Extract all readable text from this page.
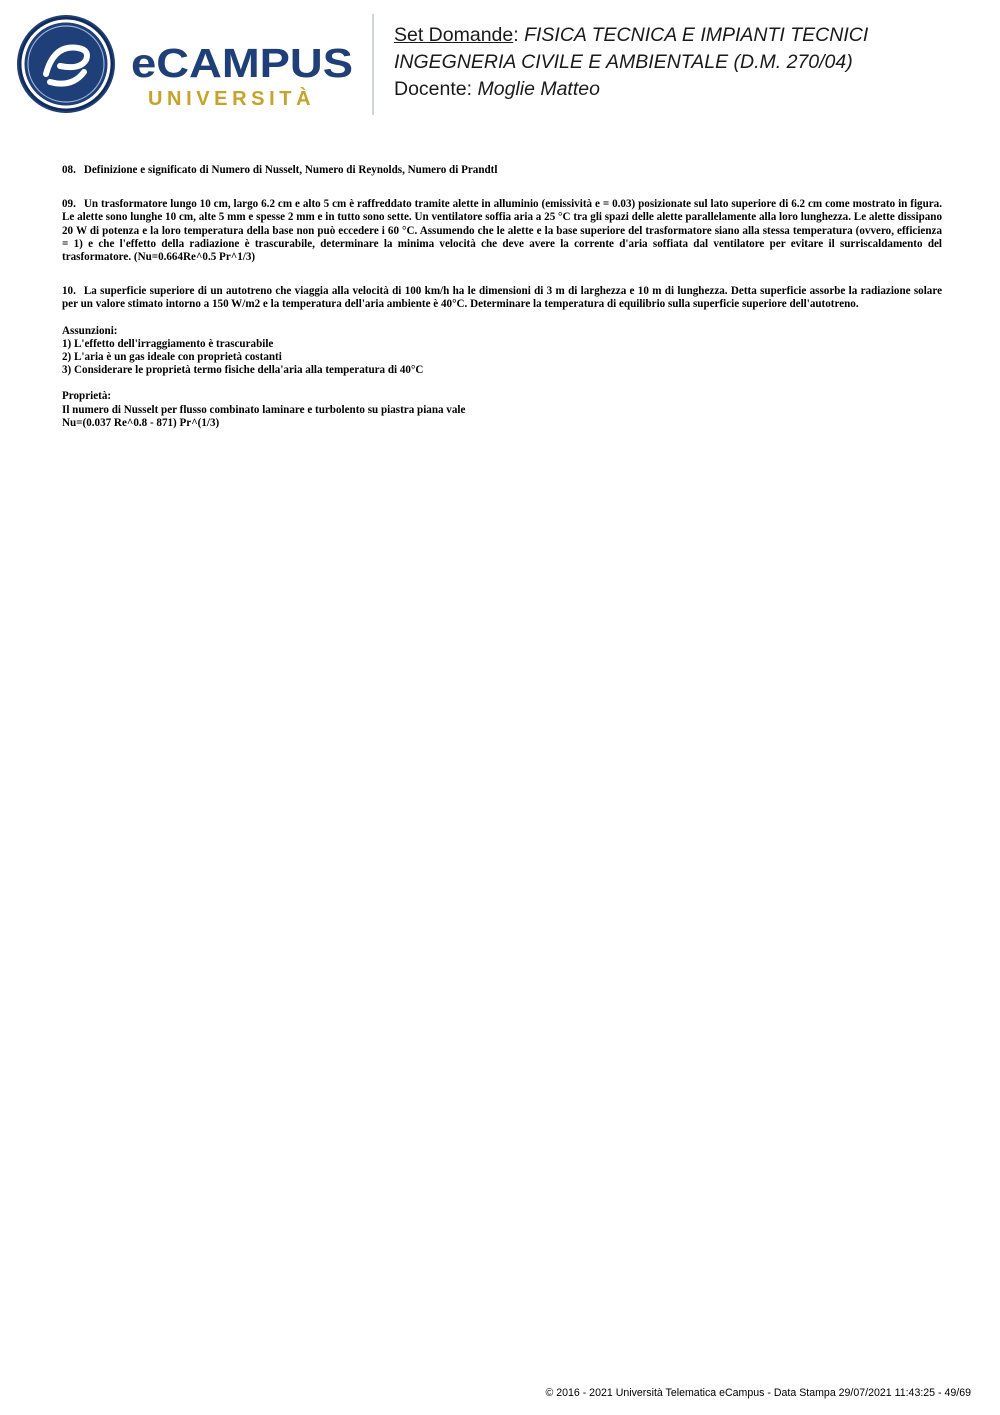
eCAMPUS
UNIVERSITÀ
Set Domande: FISICA TECNICA E IMPIANTI TECNICI
INGEGNERIA CIVILE E AMBIENTALE (D.M. 270/04)
Docente: Moglie Matteo

08. Definizione e significato di Numero di Nusselt, Numero di Reynolds, Numero di Prandtl

09. Un trasformatore lungo 10 cm, largo 6.2 cm e alto 5 cm è raffreddato tramite alette in alluminio (emissività e = 0.03) posizionate sul lato superiore di 6.2 cm come mostrato in figura. Le alette sono lunghe 10 cm, alte 5 mm e spesse 2 mm e in tutto sono sette. Un ventilatore soffia aria a 25 °C tra gli spazi delle alette parallelamente alla loro lunghezza. Le alette dissipano 20 W di potenza e la loro temperatura della base non può eccedere i 60 °C. Assumendo che le alette e la base superiore del trasformatore siano alla stessa temperatura (ovvero, efficienza = 1) e che l'effetto della radiazione è trascurabile, determinare la minima velocità che deve avere la corrente d'aria soffiata dal ventilatore per evitare il surriscaldamento del trasformatore. (Nu=0.664Re^0.5 Pr^1/3)

10. La superficie superiore di un autotreno che viaggia alla velocità di 100 km/h ha le dimensioni di 3 m di larghezza e 10 m di lunghezza. Detta superficie assorbe la radiazione solare per un valore stimato intorno a 150 W/m2 e la temperatura dell'aria ambiente è 40°C. Determinare la temperatura di equilibrio sulla superficie superiore dell'autotreno.

Assunzioni:

1) L'effetto dell'irraggiamento è trascurabile

2) L'aria è un gas ideale con proprietà costanti

3) Considerare le proprietà termo fisiche della'aria alla temperatura di 40°C

Proprietà:

Il numero di Nusselt per flusso combinato laminare e turbolento su piastra piana vale

Nu=(0.037 Re^0.8 - 871) Pr^(1/3)

© 2016 - 2021 Università Telematica eCampus - Data Stampa 29/07/2021 11:43:25 - 49/69
